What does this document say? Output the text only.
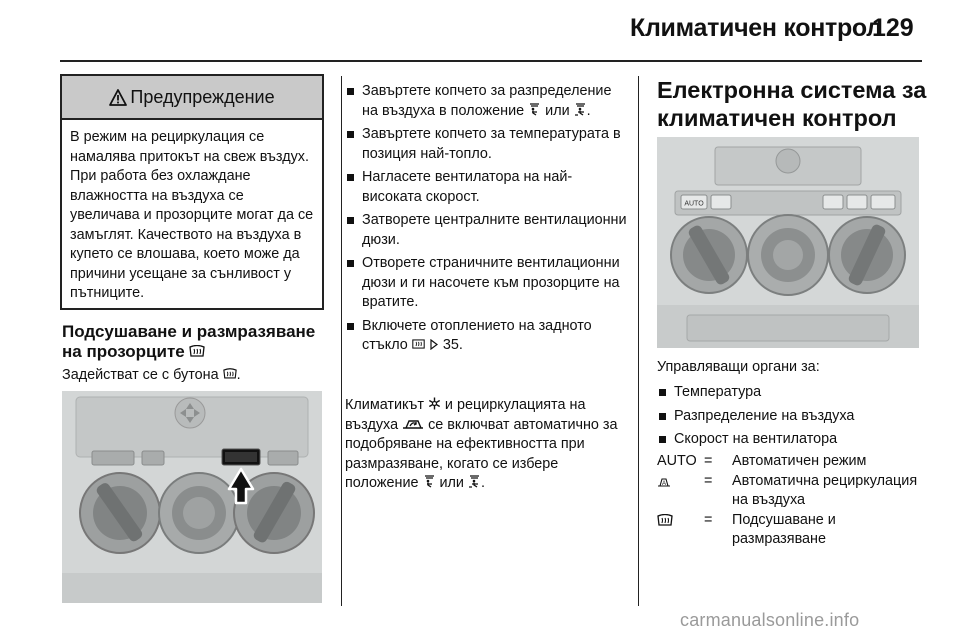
Климатичен контрол
129
Предупреждение
В режим на рециркулация се намалява притокът на свеж въздух. При работа без охлаждане влажността на въздуха се увеличава и прозорците могат да се замъглят. Качеството на въздуха в купето се влошава, което може да причини усещане за сънливост у пътниците.
Подсушаване и размразяване на прозорците
Задействат се с бутона .
Завъртете копчето за разпределение на въздуха в положение или .
Завъртете копчето за температурата в позиция най-топло.
Нагласете вентилатора на най-високата скорост.
Затворете централните вентилационни дюзи.
Отворете страничните вентилационни дюзи и ги насочете към прозорците на вратите.
Включете отоплението на задното стъкло 35.
Климатикът и рециркулацията на въздуха се включват автоматично за подобряване на ефективността при размразяване, когато се избере положение или .
Електронна система за климатичен контрол
AUTO
Управляващи органи за:
Температура
Разпределение на въздуха
Скорост на вентилатора
AUTO =	Автоматичен режим
A	=	Автоматична рециркулация на въздуха
=	Подсушаване и размразяване
carmanualsonline.info
